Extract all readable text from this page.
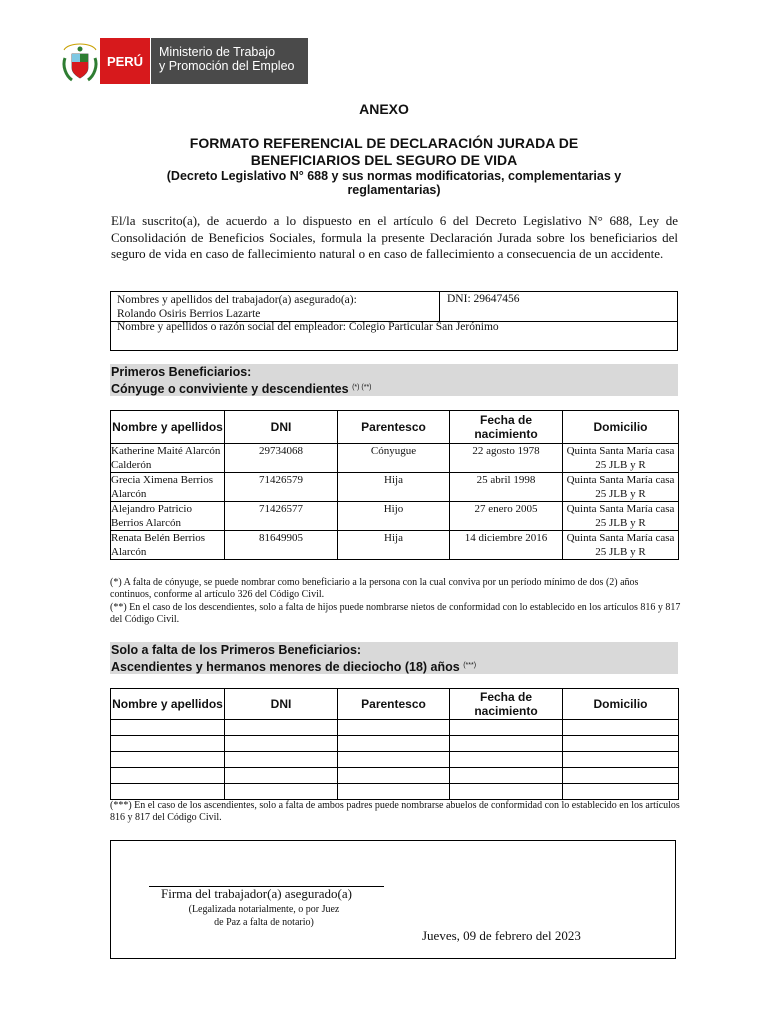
PERÚ
Ministerio de Trabajo
y Promoción del Empleo
ANEXO
FORMATO REFERENCIAL DE DECLARACIÓN JURADA DE
BENEFICIARIOS DEL SEGURO DE VIDA
(Decreto Legislativo N° 688 y sus normas modificatorias, complementarias y reglamentarias)
El/la suscrito(a), de acuerdo a lo dispuesto en el artículo 6 del Decreto Legislativo N° 688, Ley de Consolidación de Beneficios Sociales, formula la presente Declaración Jurada sobre los beneficiarios del seguro de vida en caso de fallecimiento natural o en caso de fallecimiento a consecuencia de un accidente.
Nombres y apellidos del trabajador(a) asegurado(a):
Rolando Osiris Berrios Lazarte
DNI: 29647456
Nombre y apellidos o razón social del empleador: Colegio Particular San Jerónimo
Primeros Beneficiarios:
Cónyuge o conviviente y descendientes (*) (**)
Nombre y apellidos	DNI	Parentesco	Fecha de nacimiento	Domicilio
Katherine Maité Alarcón Calderón	29734068	Cónyugue	22 agosto 1978	Quinta Santa María casa 25 JLB y R
Grecia Ximena Berrios Alarcón	71426579	Hija	25 abril 1998	Quinta Santa María casa 25 JLB y R
Alejandro Patricio Berrios Alarcón	71426577	Hijo	27 enero 2005	Quinta Santa María casa 25 JLB y R
Renata Belén Berrios Alarcón	81649905	Hija	14 diciembre 2016	Quinta Santa María casa 25 JLB y R
(*) A falta de cónyuge, se puede nombrar como beneficiario a la persona con la cual conviva por un período mínimo de dos (2) años continuos, conforme al artículo 326 del Código Civil.
(**) En el caso de los descendientes, solo a falta de hijos puede nombrarse nietos de conformidad con lo establecido en los artículos 816 y 817 del Código Civil.
Solo a falta de los Primeros Beneficiarios:
Ascendientes y hermanos menores de dieciocho (18) años (***)
Nombre y apellidos	DNI	Parentesco	Fecha de nacimiento	Domicilio

(***) En el caso de los ascendientes, solo a falta de ambos padres puede nombrarse abuelos de conformidad con lo establecido en los artículos 816 y 817 del Código Civil.
Firma del trabajador(a) asegurado(a)
(Legalizada notarialmente, o por Juez de Paz a falta de notario)
Jueves, 09 de febrero del 2023
